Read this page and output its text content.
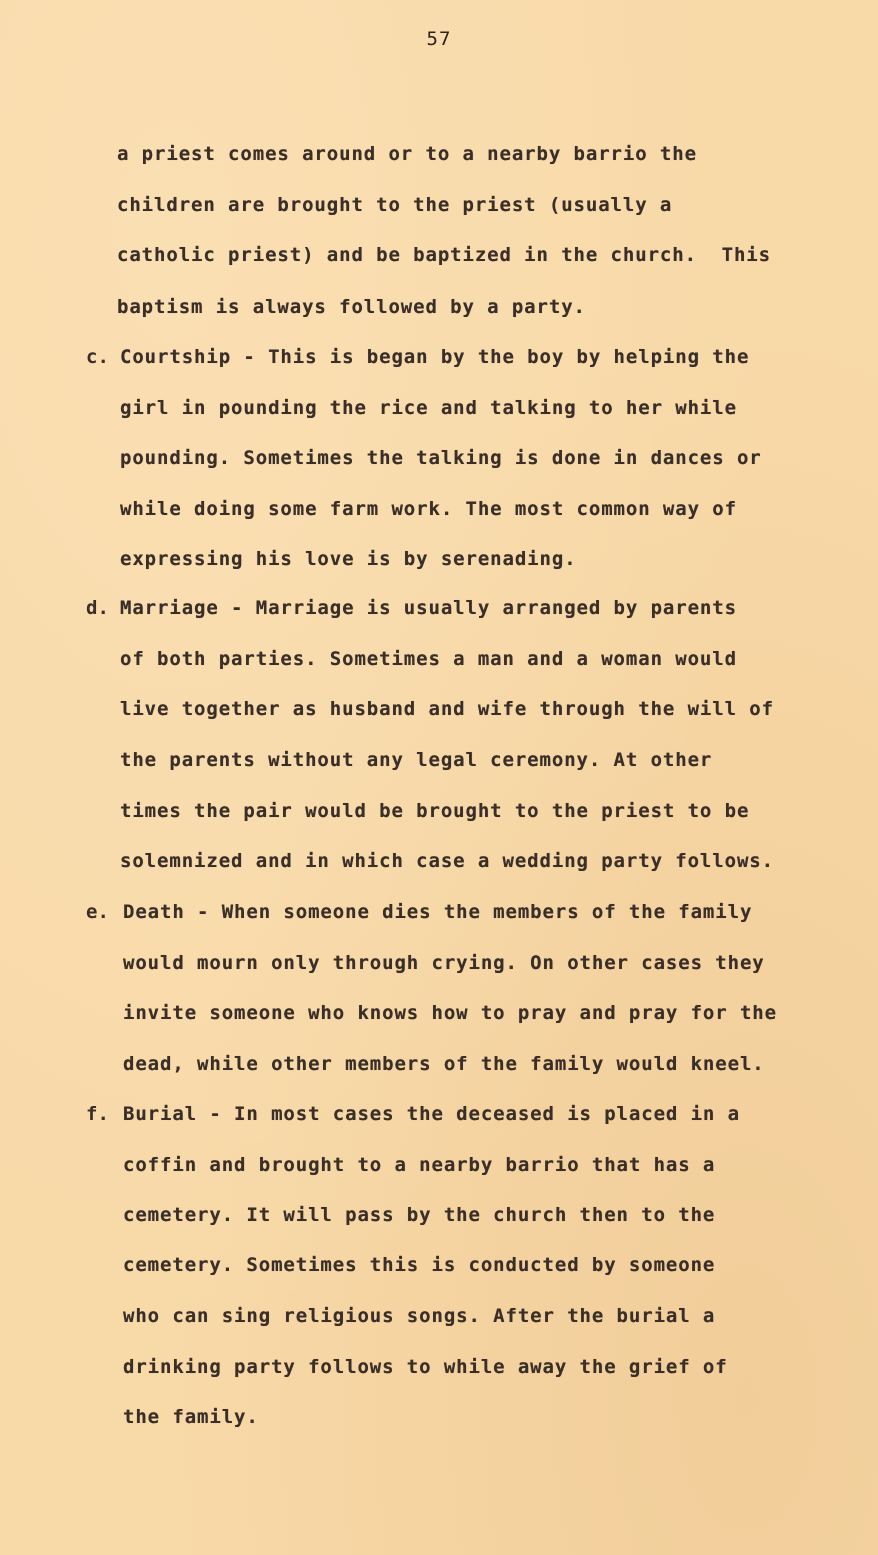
57
a priest comes around or to a nearby barrio the
children are brought to the priest (usually a
catholic priest) and be baptized in the church.  This
baptism is always followed by a party.
c. Courtship - This is began by the boy by helping the
girl in pounding the rice and talking to her while
pounding. Sometimes the talking is done in dances or
while doing some farm work. The most common way of
expressing his love is by serenading.
d. Marriage - Marriage is usually arranged by parents
of both parties. Sometimes a man and a woman would
live together as husband and wife through the will of
the parents without any legal ceremony. At other
times the pair would be brought to the priest to be
solemnized and in which case a wedding party follows.
e. Death - When someone dies the members of the family
would mourn only through crying. On other cases they
invite someone who knows how to pray and pray for the
dead, while other members of the family would kneel.
f. Burial - In most cases the deceased is placed in a
coffin and brought to a nearby barrio that has a
cemetery. It will pass by the church then to the
cemetery. Sometimes this is conducted by someone
who can sing religious songs. After the burial a
drinking party follows to while away the grief of
the family.
